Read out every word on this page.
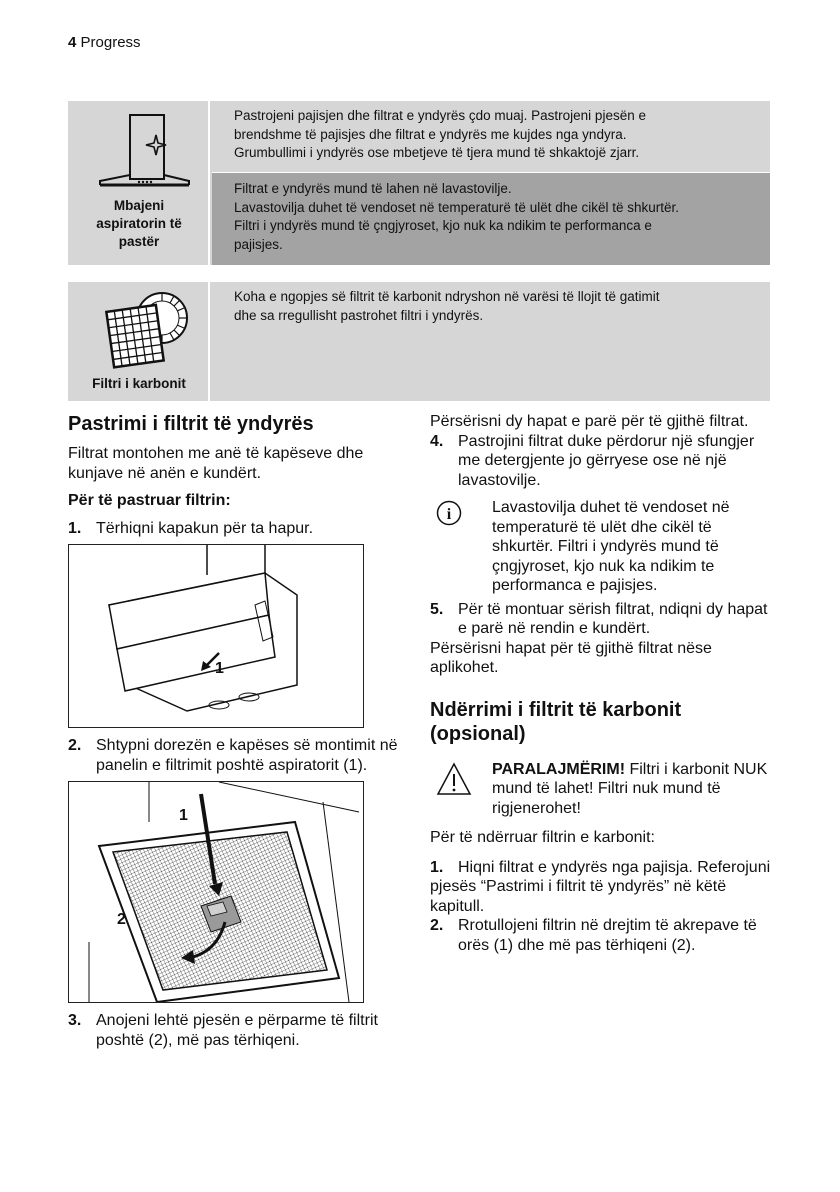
4 Progress
Mbajeni
aspiratorin të
pastër
Pastrojeni pajisjen dhe filtrat e yndyrës çdo muaj. Pastrojeni pjesën e
brendshme të pajisjes dhe filtrat e yndyrës me kujdes nga yndyra.
Grumbullimi i yndyrës ose mbetjeve të tjera mund të shkaktojë zjarr.
Filtrat e yndyrës mund të lahen në lavastovilje.
Lavastovilja duhet të vendoset në temperaturë të ulët dhe cikël të shkurtër.
Filtri i yndyrës mund të çngjyroset, kjo nuk ka ndikim te performanca e
pajisjes.
Filtri i karbonit
Koha e ngopjes së filtrit të karbonit ndryshon në varësi të llojit të gatimit
dhe sa rregullisht pastrohet filtri i yndyrës.
Pastrimi i filtrit të yndyrës

Filtrat montohen me anë të kapëseve dhe kunjave në anën e kundërt.

Për të pastruar filtrin:

1. Tërhiqni kapakun për ta hapur.
1
2. Shtypni dorezën e kapëses së montimit në panelin e filtrimit poshtë aspiratorit (1).
1
2
3. Anojeni lehtë pjesën e përparme të filtrit poshtë (2), më pas tërhiqeni.

Përsërisni dy hapat e parë për të gjithë filtrat.

4. Pastrojini filtrat duke përdorur një sfungjer me detergjente jo gërryese ose në një lavastovilje.
i	Lavastovilja duhet të vendoset në temperaturë të ulët dhe cikël të shkurtër. Filtri i yndyrës mund të çngjyroset, kjo nuk ka ndikim te performanca e pajisjes.
5. Për të montuar sërish filtrat, ndiqni dy hapat e parë në rendin e kundërt.

Përsërisni hapat për të gjithë filtrat nëse aplikohet.

Ndërrimi i filtrit të karbonit (opsional)
PARALAJMËRIM! Filtri i karbonit NUK mund të lahet! Filtri nuk mund të rigjenerohet!

Për të ndërruar filtrin e karbonit:

1. Hiqni filtrat e yndyrës nga pajisja. Referojuni pjesës “Pastrimi i filtrit të yndyrës” në këtë kapitull.
2. Rrotullojeni filtrin në drejtim të akrepave të orës (1) dhe më pas tërhiqeni (2).
